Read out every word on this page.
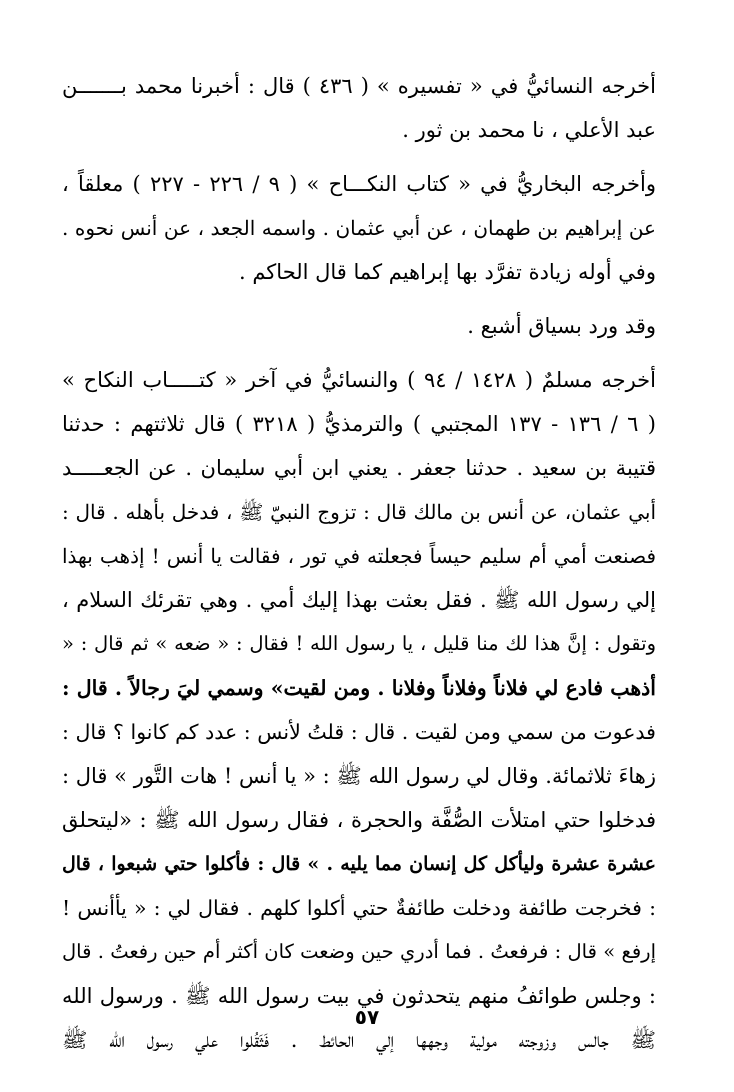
أخرجه النسائيُّ في « تفسيره » ( ٤٣٦ ) قال : أخبرنا محمد بـــــــن
عبد الأعلي ، نا محمد بن ثور .
وأخرجه البخاريُّ في « كتاب النكـــاح » ( ٩ / ٢٢٦ - ٢٢٧ ) معلقاً ،
عن إبراهيم بن طهمان ، عن أبي عثمان . واسمه الجعد ، عن أنس نحوه .
وفي أوله زيادة تفرَّد بها إبراهيم كما قال الحاكم .
وقد ورد بسياق أشبع .
أخرجه مسلمٌ ( ١٤٢٨ / ٩٤ ) والنسائيُّ في آخر « كتـــــاب النكاح »
( ٦ / ١٣٦ - ١٣٧ المجتبي ) والترمذيُّ ( ٣٢١٨ ) قال ثلاثتهم : حدثنا
قتيبة بن سعيد . حدثنا جعفر . يعني ابن أبي سليمان . عن الجعـــــد
أبي عثمان، عن أنس بن مالك قال : تزوج النبيّ ﷺ ، فدخل بأهله . قال :
فصنعت أمي أم سليم حيساً فجعلته في تور ، فقالت يا أنس ! إذهب بهذا
إلي رسول الله ﷺ . فقل بعثت بهذا إليك أمي . وهي تقرئك السلام ،
وتقول : إنَّ هذا لك منا قليل ، يا رسول الله ! فقال : « ضعه » ثم قال : «
أذهب فادع لي فلاناً وفلاناً وفلانا . ومن لقيت» وسمي ليَ رجالاً . قال :
فدعوت من سمي ومن لقيت . قال : قلتُ لأنس : عدد كم كانوا ؟ قال :
زهاءَ ثلاثمائة. وقال لي رسول الله ﷺ : « يا أنس ! هات التَّور » قال :
فدخلوا حتي امتلأت الصُّفَّة والحجرة ، فقال رسول الله ﷺ : «ليتحلق
عشرة عشرة وليأكل كل إنسان مما يليه . » قال : فأكلوا حتي شبعوا ، قال
: فخرجت طائفة ودخلت طائفةٌ حتي أكلوا كلهم . فقال لي : « يأأنس !
إرفع » قال : فرفعتُ . فما أدري حين وضعت كان أكثر أم حين رفعتُ . قال
: وجلس طوائفُ منهم يتحدثون في بيت رسول الله ﷺ . ورسول الله
ﷺ جالس وزوجته مولية وجهها إلي الحائط . فَثَقُلوا علي رسول الله ﷺ
٥٧
